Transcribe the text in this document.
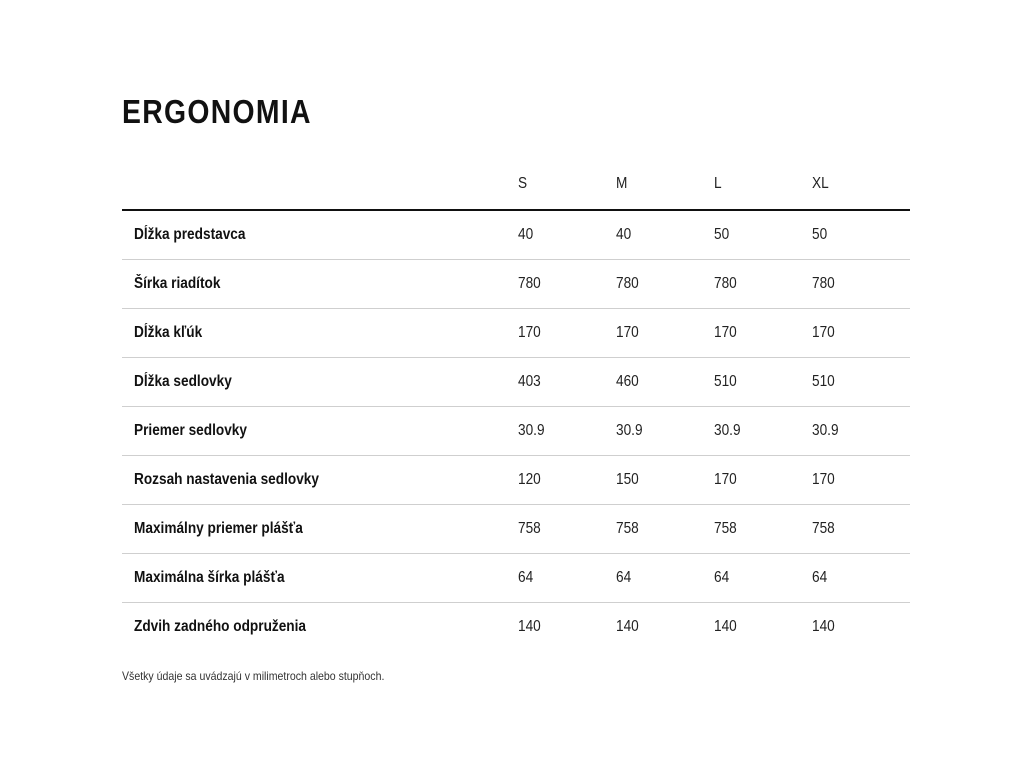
ERGONOMIA
	S	M	L	XL
Dĺžka predstavca	40	40	50	50
Šírka riadítok	780	780	780	780
Dĺžka kľúk	170	170	170	170
Dĺžka sedlovky	403	460	510	510
Priemer sedlovky	30.9	30.9	30.9	30.9
Rozsah nastavenia sedlovky	120	150	170	170
Maximálny priemer plášťa	758	758	758	758
Maximálna šírka plášťa	64	64	64	64
Zdvih zadného odpruženia	140	140	140	140

Všetky údaje sa uvádzajú v milimetroch alebo stupňoch.
